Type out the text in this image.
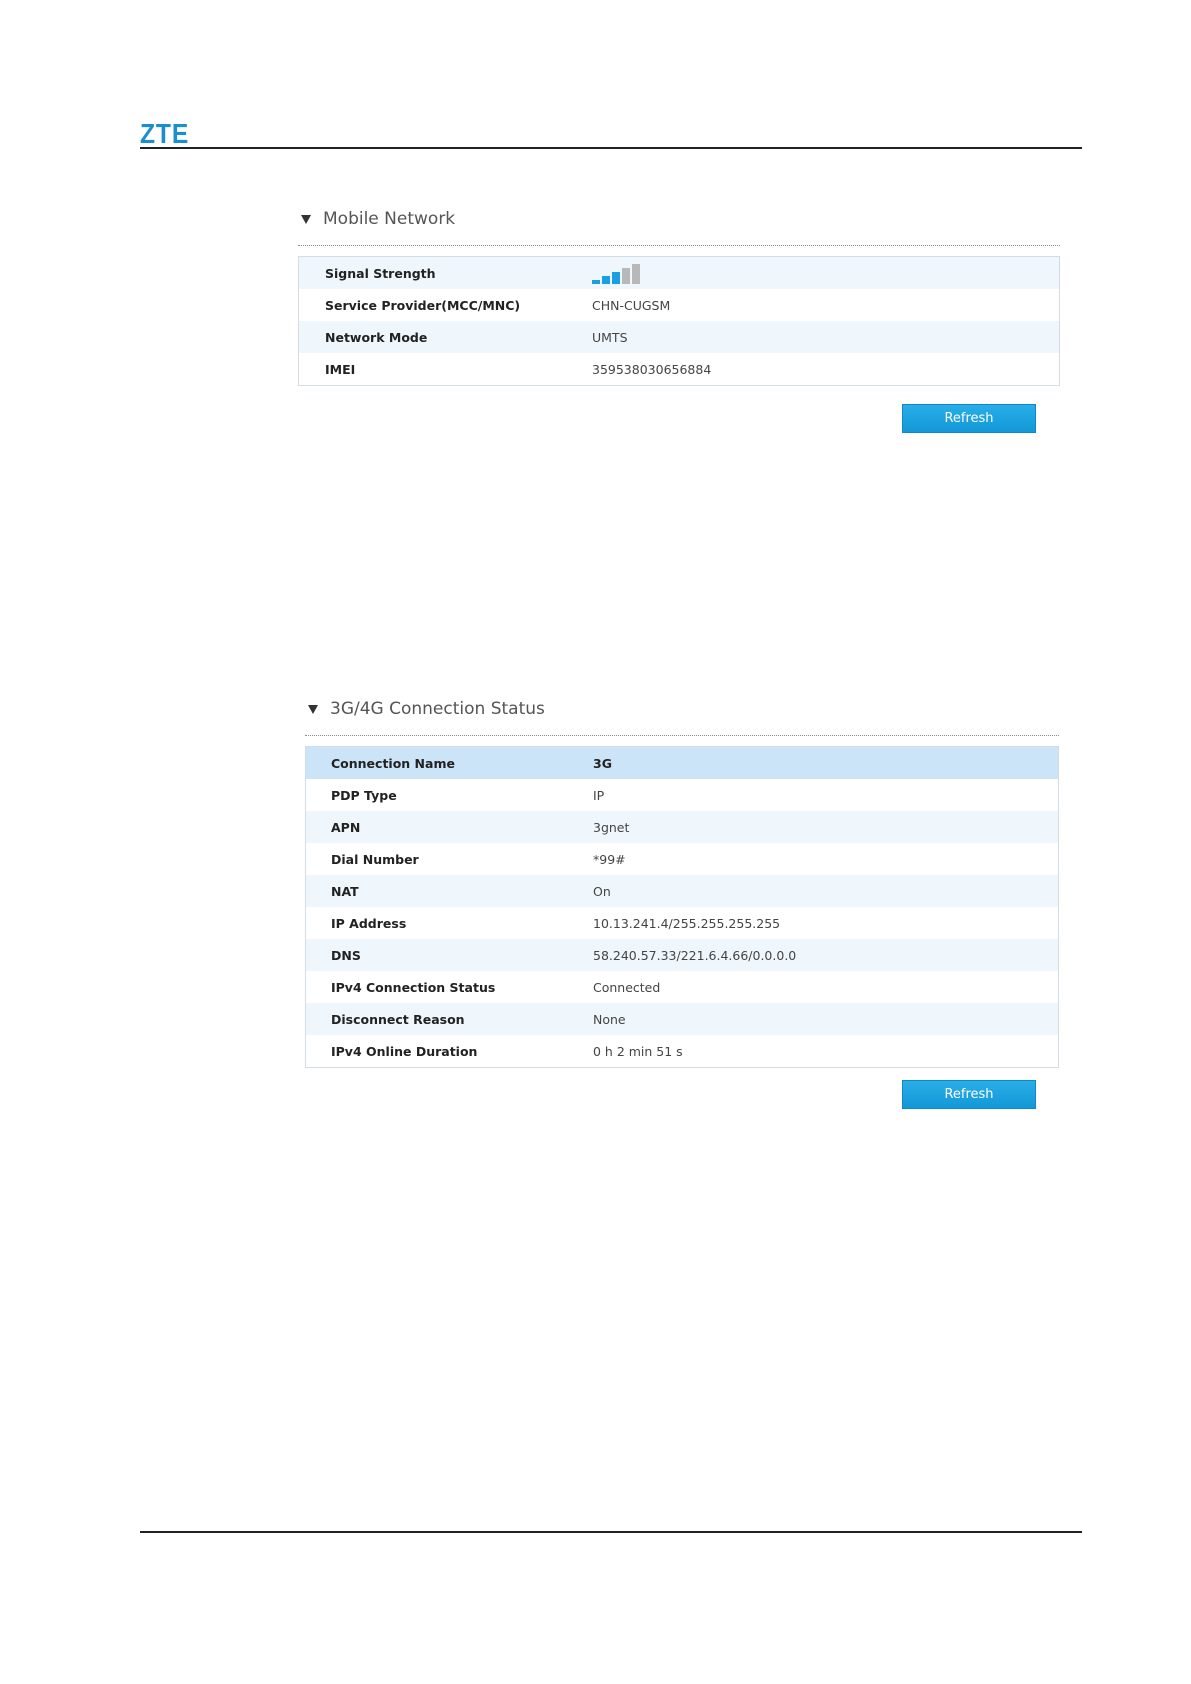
ZTE
Mobile Network
Signal Strength
Service Provider(MCC/MNC)	CHN-CUGSM
Network Mode	UMTS
IMEI	359538030656884
Refresh
3G/4G Connection Status
Connection Name	3G
PDP Type	IP
APN	3gnet
Dial Number	*99#
NAT	On
IP Address	10.13.241.4/255.255.255.255
DNS	58.240.57.33/221.6.4.66/0.0.0.0
IPv4 Connection Status	Connected
Disconnect Reason	None
IPv4 Online Duration	0 h 2 min 51 s
Refresh
